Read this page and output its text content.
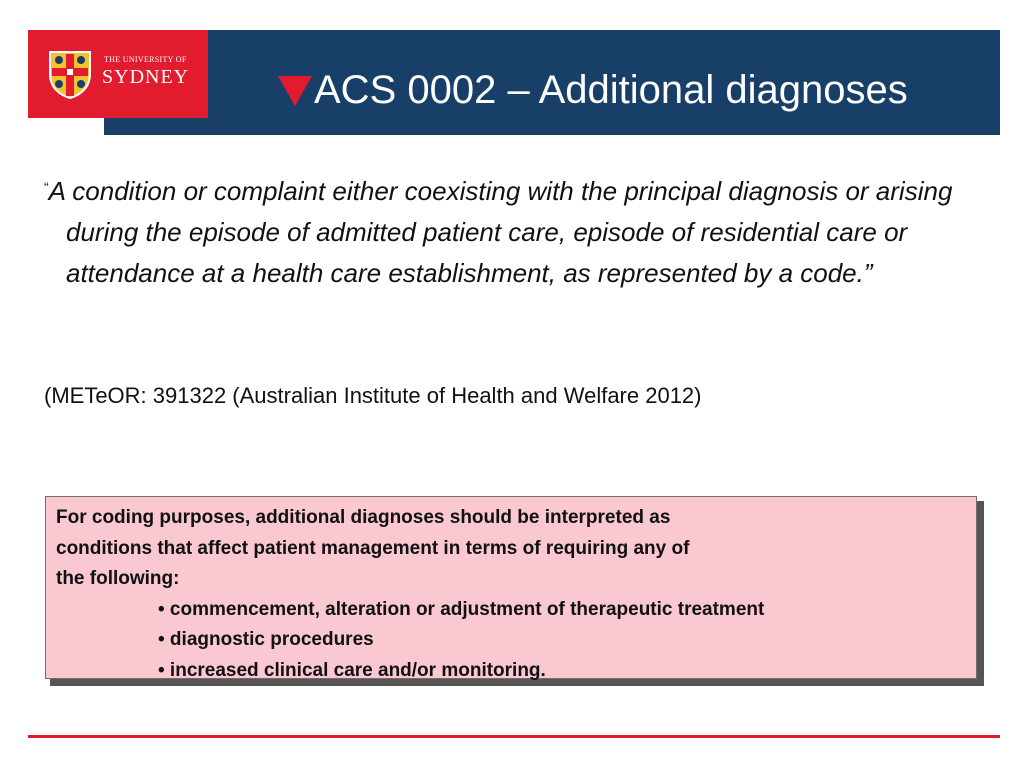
THE UNIVERSITY OF
SYDNEY	ACS 0002 – Additional diagnoses
“A condition or complaint either coexisting with the principal diagnosis or arising during the episode of admitted patient care, episode of residential care or attendance at a health care establishment, as represented by a code.”
(METeOR: 391322 (Australian Institute of Health and Welfare 2012)
For coding purposes, additional diagnoses should be interpreted as
conditions that affect patient management in terms of requiring any of
the following:
• commencement, alteration or adjustment of therapeutic treatment
• diagnostic procedures
• increased clinical care and/or monitoring.
